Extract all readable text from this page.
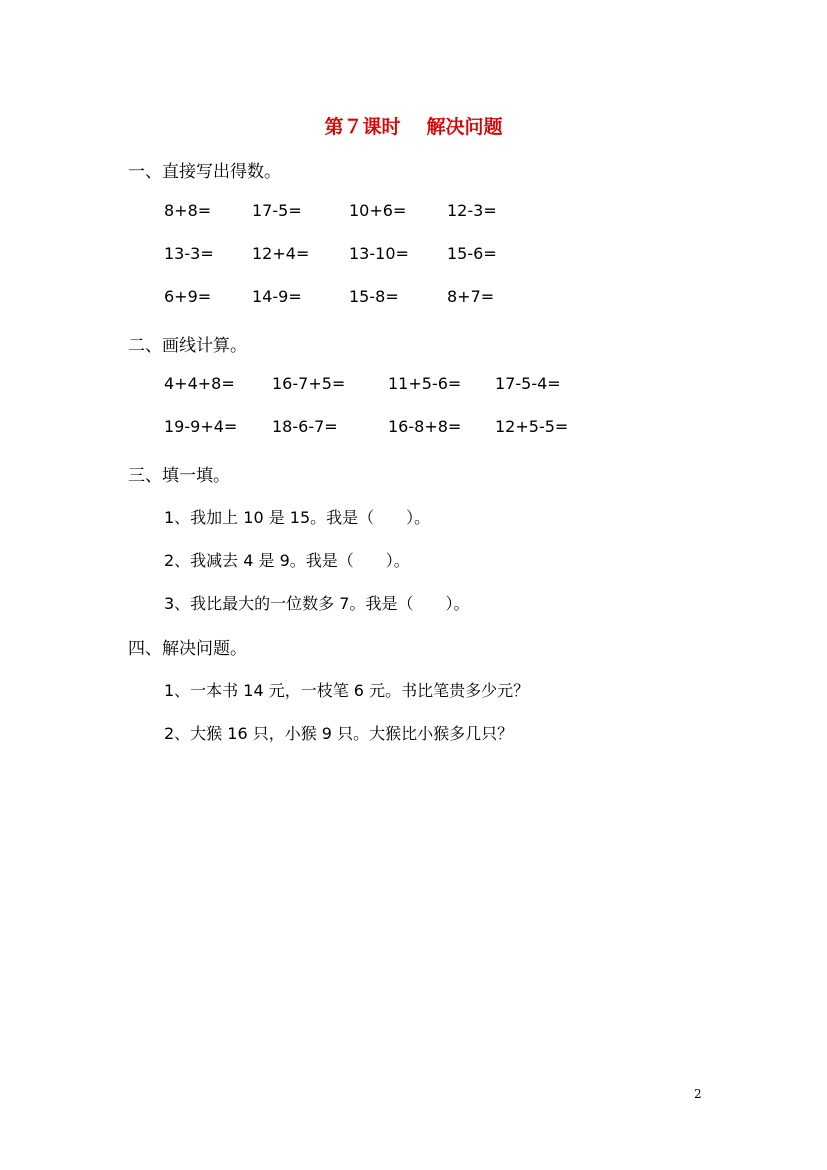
第７课时 解决问题
一、直接写出得数。
8+8=	17-5=	10+6=	12-3=
13-3= 12+4= 13-10= 15-6=
6+9=	14-9=	15-8=	8+7=
二、画线计算。
4+4+8= 16-7+5=	11+5-6= 17-5-4=
19-9+4= 18-6-7=	16-8+8= 12+5-5=
三、填一填。
1、我加上 10 是 15。我是（　　）。
2、我减去 4 是 9。我是（　　）。
3、我比最大的一位数多 7。我是（　　）。
四、解决问题。
1、一本书 14 元，一枝笔 6 元。书比笔贵多少元？
2、大猴 16 只，小猴 9 只。大猴比小猴多几只？
2
